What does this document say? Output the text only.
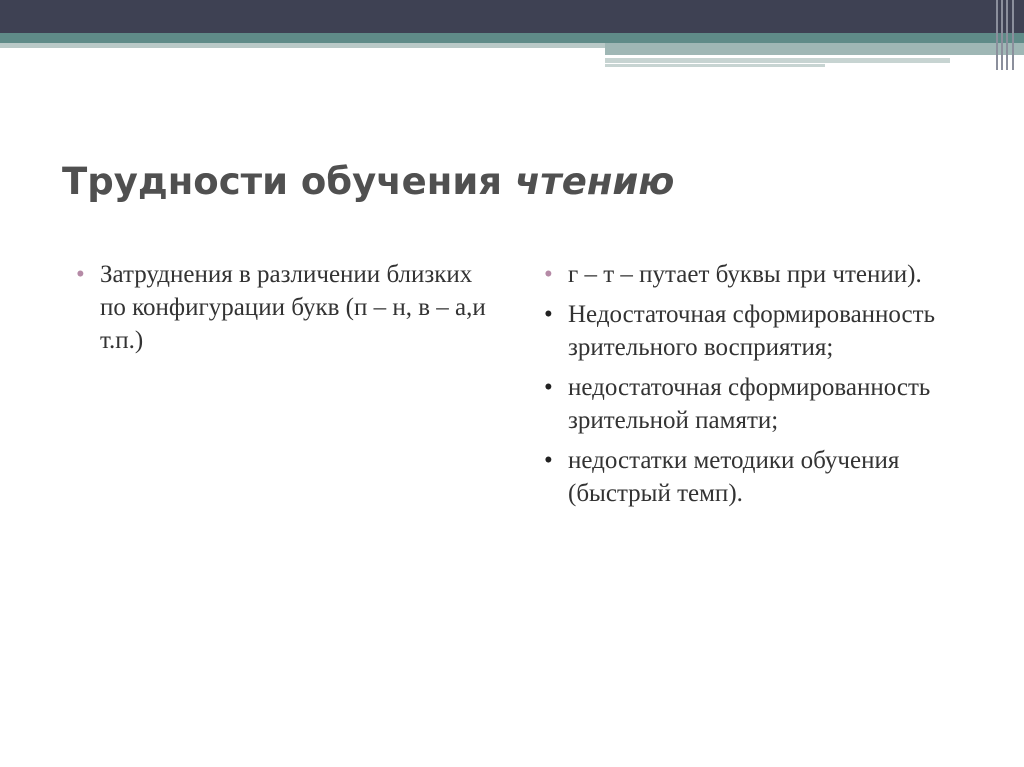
Трудности обучения чтению
• Затруднения в различении близких по конфигурации букв (п – н, в – а,и т.п.)
• г – т – путает буквы при чтении).
• Недостаточная сформированность зрительного восприятия;
• недостаточная сформированность зрительной памяти;
• недостатки методики обучения (быстрый темп).
